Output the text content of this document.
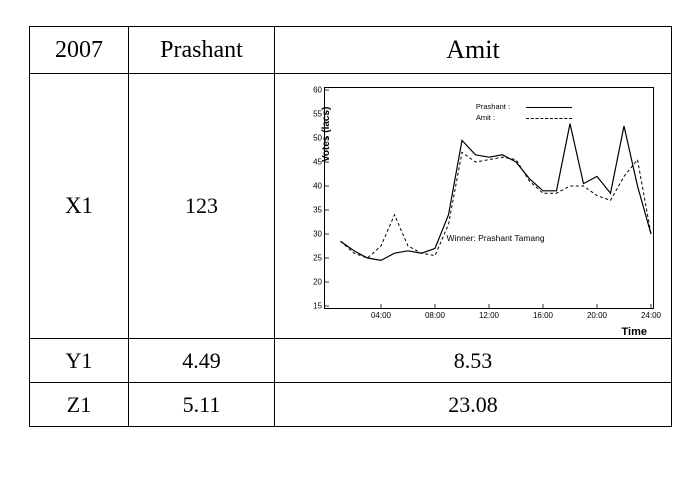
2007	Prashant	Amit
X1	123	
Votes (lacs)
Time
Winner: Prashant Tamang
Prashant :
Amit :
15
20
25
30
35
40
45
50
55
60
04:00	08:00	12:00	16:00	20:00	24:00

Y1	4.49	8.53
Z1	5.11	23.08
